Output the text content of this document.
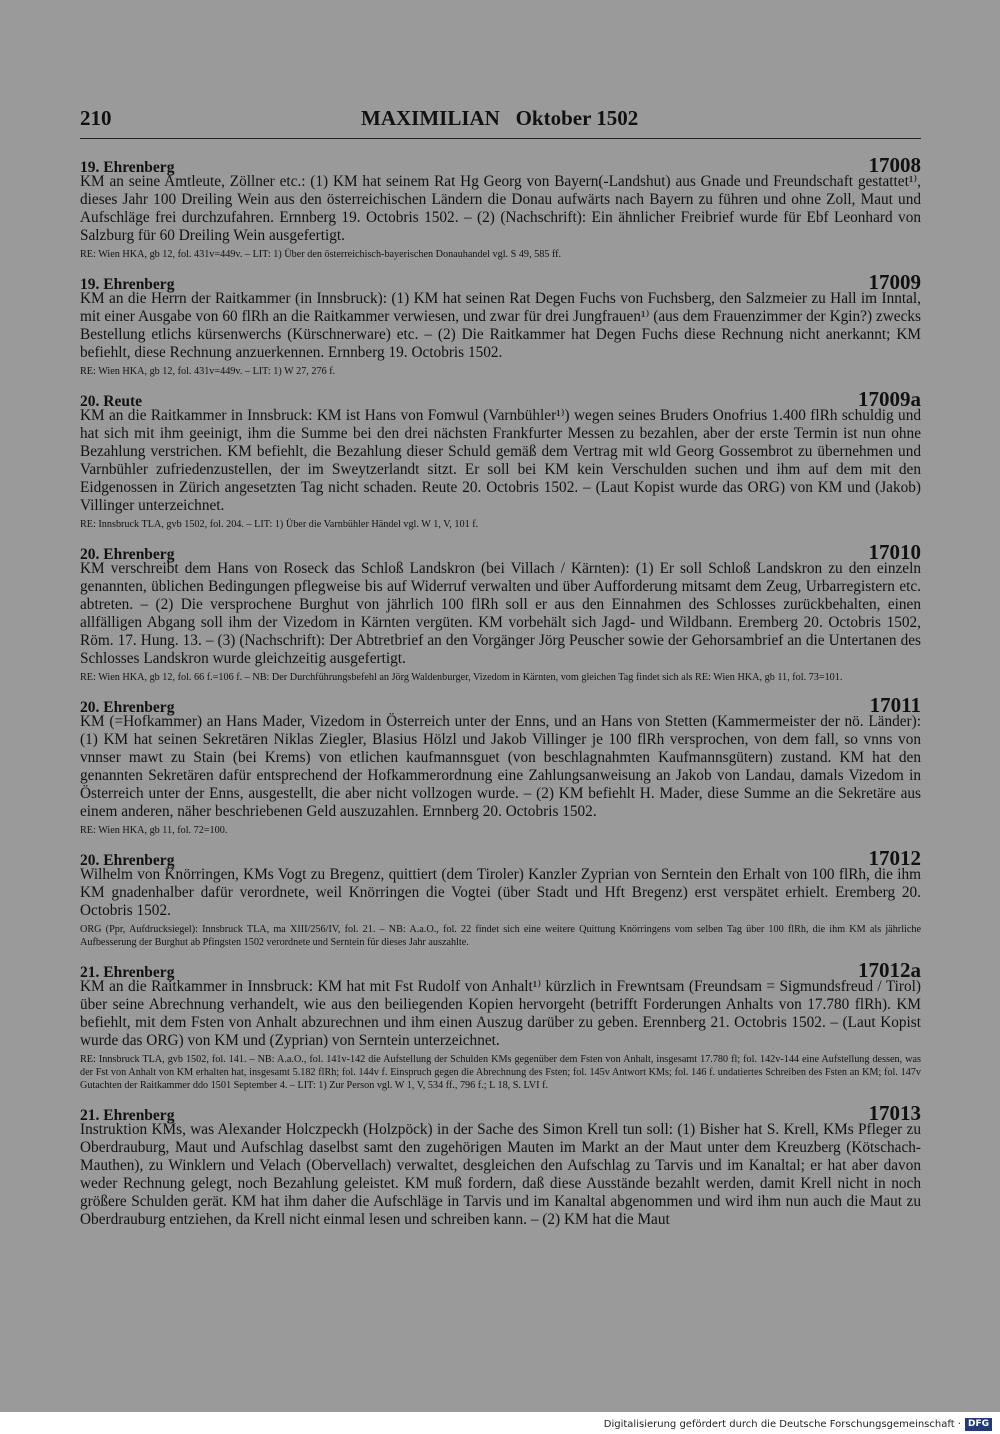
210	MAXIMILIAN   Oktober 1502
19. Ehrenberg	17008

KM an seine Amtleute, Zöllner etc.: (1) KM hat seinem Rat Hg Georg von Bayern(-Landshut) aus Gnade und Freundschaft gestattet¹⁾, dieses Jahr 100 Dreiling Wein aus den österreichischen Ländern die Donau aufwärts nach Bayern zu führen und ohne Zoll, Maut und Aufschläge frei durchzufahren. Ernnberg 19. Octobris 1502. – (2) (Nachschrift): Ein ähnlicher Freibrief wurde für Ebf Leonhard von Salzburg für 60 Dreiling Wein ausgefertigt.

RE: Wien HKA, gb 12, fol. 431v=449v. – LIT: 1) Über den österreichisch-bayerischen Donauhandel vgl. S 49, 585 ff.

19. Ehrenberg	17009

KM an die Herrn der Raitkammer (in Innsbruck): (1) KM hat seinen Rat Degen Fuchs von Fuchsberg, den Salzmeier zu Hall im Inntal, mit einer Ausgabe von 60 flRh an die Raitkammer verwiesen, und zwar für drei Jungfrauen¹⁾ (aus dem Frauenzimmer der Kgin?) zwecks Bestellung etlichs kürsenwerchs (Kürschnerware) etc. – (2) Die Raitkammer hat Degen Fuchs diese Rechnung nicht anerkannt; KM befiehlt, diese Rechnung anzuerkennen. Ernnberg 19. Octobris 1502.

RE: Wien HKA, gb 12, fol. 431v=449v. – LIT: 1) W 27, 276 f.

20. Reute	17009a

KM an die Raitkammer in Innsbruck: KM ist Hans von Fomwul (Varnbühler¹⁾) wegen seines Bruders Onofrius 1.400 flRh schuldig und hat sich mit ihm geeinigt, ihm die Summe bei den drei nächsten Frankfurter Messen zu bezahlen, aber der erste Termin ist nun ohne Bezahlung verstrichen. KM befiehlt, die Bezahlung dieser Schuld gemäß dem Vertrag mit wld Georg Gossembrot zu übernehmen und Varnbühler zufriedenzustellen, der im Sweytzerlandt sitzt. Er soll bei KM kein Verschulden suchen und ihm auf dem mit den Eidgenossen in Zürich angesetzten Tag nicht schaden. Reute 20. Octobris 1502. – (Laut Kopist wurde das ORG) von KM und (Jakob) Villinger unterzeichnet.

RE: Innsbruck TLA, gvb 1502, fol. 204. – LIT: 1) Über die Varnbühler Händel vgl. W 1, V, 101 f.

20. Ehrenberg	17010

KM verschreibt dem Hans von Roseck das Schloß Landskron (bei Villach / Kärnten): (1) Er soll Schloß Landskron zu den einzeln genannten, üblichen Bedingungen pflegweise bis auf Widerruf verwalten und über Aufforderung mitsamt dem Zeug, Urbarregistern etc. abtreten. – (2) Die versprochene Burghut von jährlich 100 flRh soll er aus den Einnahmen des Schlosses zurückbehalten, einen allfälligen Abgang soll ihm der Vizedom in Kärnten vergüten. KM vorbehält sich Jagd- und Wildbann. Eremberg 20. Octobris 1502, Röm. 17. Hung. 13. – (3) (Nachschrift): Der Abtretbrief an den Vorgänger Jörg Peuscher sowie der Gehorsambrief an die Untertanen des Schlosses Landskron wurde gleichzeitig ausgefertigt.

RE: Wien HKA, gb 12, fol. 66 f.=106 f. – NB: Der Durchführungsbefehl an Jörg Waldenburger, Vizedom in Kärnten, vom gleichen Tag findet sich als RE: Wien HKA, gb 11, fol. 73=101.

20. Ehrenberg	17011

KM (=Hofkammer) an Hans Mader, Vizedom in Österreich unter der Enns, und an Hans von Stetten (Kammermeister der nö. Länder): (1) KM hat seinen Sekretären Niklas Ziegler, Blasius Hölzl und Jakob Villinger je 100 flRh versprochen, von dem fall, so vnns von vnnser mawt zu Stain (bei Krems) von etlichen kaufmannsguet (von beschlagnahmten Kaufmannsgütern) zustand. KM hat den genannten Sekretären dafür entsprechend der Hofkammerordnung eine Zahlungsanweisung an Jakob von Landau, damals Vizedom in Österreich unter der Enns, ausgestellt, die aber nicht vollzogen wurde. – (2) KM befiehlt H. Mader, diese Summe an die Sekretäre aus einem anderen, näher beschriebenen Geld auszuzahlen. Ernnberg 20. Octobris 1502.

RE: Wien HKA, gb 11, fol. 72=100.

20. Ehrenberg	17012

Wilhelm von Knörringen, KMs Vogt zu Bregenz, quittiert (dem Tiroler) Kanzler Zyprian von Serntein den Erhalt von 100 flRh, die ihm KM gnadenhalber dafür verordnete, weil Knörringen die Vogtei (über Stadt und Hft Bregenz) erst verspätet erhielt. Eremberg 20. Octobris 1502.

ORG (Ppr, Aufdrucksiegel): Innsbruck TLA, ma XIII/256/IV, fol. 21. – NB: A.a.O., fol. 22 findet sich eine weitere Quittung Knörringens vom selben Tag über 100 flRh, die ihm KM als jährliche Aufbesserung der Burghut ab Pfingsten 1502 verordnete und Serntein für dieses Jahr auszahlte.

21. Ehrenberg	17012a

KM an die Raitkammer in Innsbruck: KM hat mit Fst Rudolf von Anhalt¹⁾ kürzlich in Frewntsam (Freundsam = Sigmundsfreud / Tirol) über seine Abrechnung verhandelt, wie aus den beiliegenden Kopien hervorgeht (betrifft Forderungen Anhalts von 17.780 flRh). KM befiehlt, mit dem Fsten von Anhalt abzurechnen und ihm einen Auszug darüber zu geben. Erennberg 21. Octobris 1502. – (Laut Kopist wurde das ORG) von KM und (Zyprian) von Serntein unterzeichnet.

RE: Innsbruck TLA, gvb 1502, fol. 141. – NB: A.a.O., fol. 141v-142 die Aufstellung der Schulden KMs gegenüber dem Fsten von Anhalt, insgesamt 17.780 fl; fol. 142v-144 eine Aufstellung dessen, was der Fst von Anhalt von KM erhalten hat, insgesamt 5.182 flRh; fol. 144v f. Einspruch gegen die Abrechnung des Fsten; fol. 145v Antwort KMs; fol. 146 f. undatiertes Schreiben des Fsten an KM; fol. 147v Gutachten der Raitkammer ddo 1501 September 4. – LIT: 1) Zur Person vgl. W 1, V, 534 ff., 796 f.; L 18, S. LVI f.

21. Ehrenberg	17013

Instruktion KMs, was Alexander Holczpeckh (Holzpöck) in der Sache des Simon Krell tun soll: (1) Bisher hat S. Krell, KMs Pfleger zu Oberdrauburg, Maut und Aufschlag daselbst samt den zugehörigen Mauten im Markt an der Maut unter dem Kreuzberg (Kötschach-Mauthen), zu Winklern und Velach (Obervellach) verwaltet, desgleichen den Aufschlag zu Tarvis und im Kanaltal; er hat aber davon weder Rechnung gelegt, noch Bezahlung geleistet. KM muß fordern, daß diese Ausstände bezahlt werden, damit Krell nicht in noch größere Schulden gerät. KM hat ihm daher die Aufschläge in Tarvis und im Kanaltal abgenommen und wird ihm nun auch die Maut zu Oberdrauburg entziehen, da Krell nicht einmal lesen und schreiben kann. – (2) KM hat die Maut

Digitalisierung gefördert durch die Deutsche Forschungsgemeinschaft · DFG
